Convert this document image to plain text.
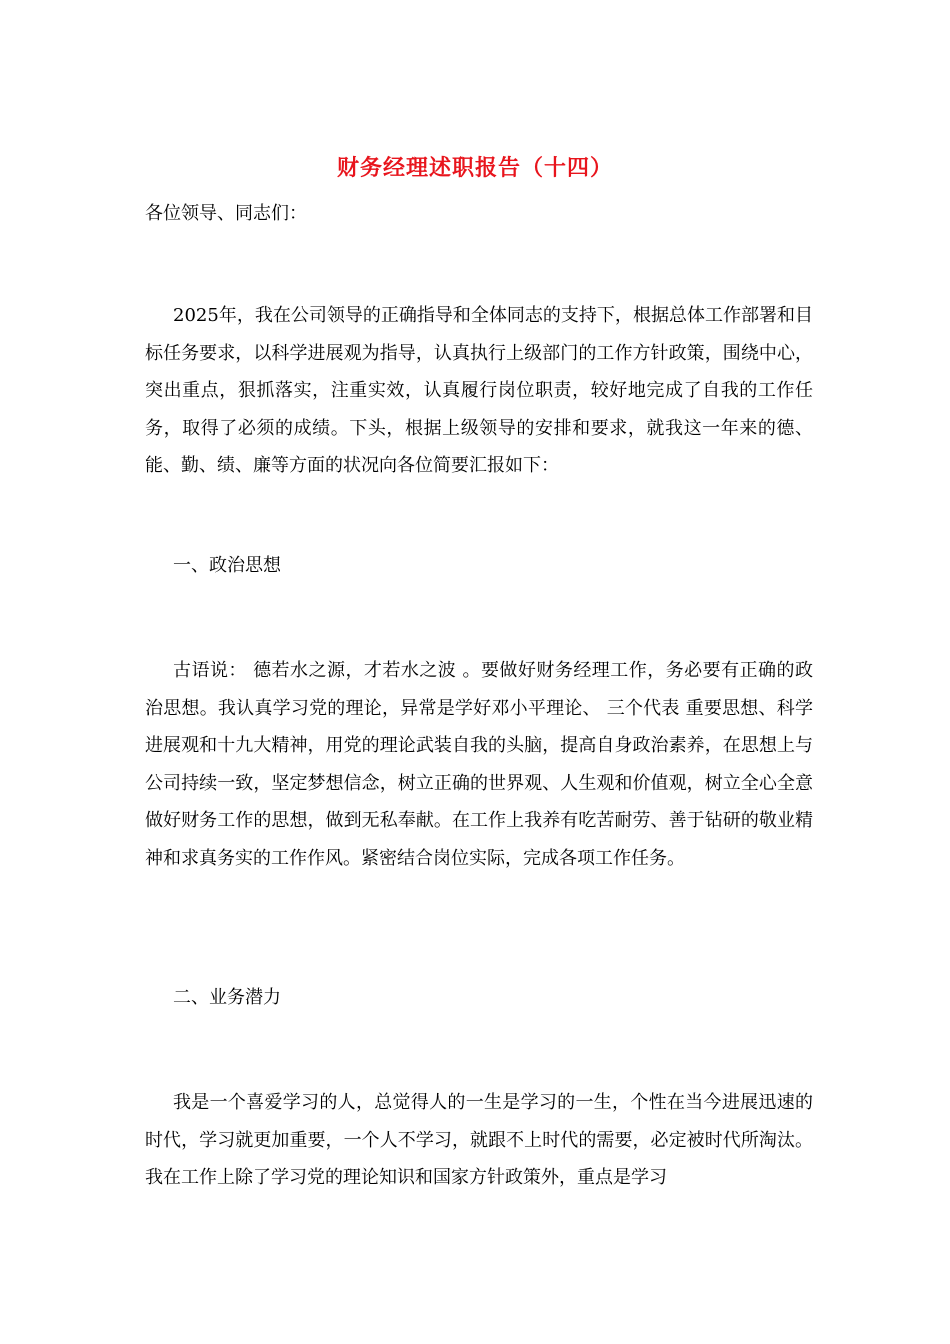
财务经理述职报告（十四）
各位领导、同志们：

2025年，我在公司领导的正确指导和全体同志的支持下，根据总体工作部署和目标任务要求，以科学进展观为指导，认真执行上级部门的工作方针政策，围绕中心，突出重点，狠抓落实，注重实效，认真履行岗位职责，较好地完成了自我的工作任务，取得了必须的成绩。下头，根据上级领导的安排和要求，就我这一年来的德、能、勤、绩、廉等方面的状况向各位简要汇报如下：

一、政治思想

古语说： 德若水之源，才若水之波 。要做好财务经理工作，务必要有正确的政治思想。我认真学习党的理论，异常是学好邓小平理论、 三个代表 重要思想、科学进展观和十九大精神，用党的理论武装自我的头脑，提高自身政治素养，在思想上与公司持续一致，坚定梦想信念，树立正确的世界观、人生观和价值观，树立全心全意做好财务工作的思想，做到无私奉献。在工作上我养有吃苦耐劳、善于钻研的敬业精神和求真务实的工作作风。紧密结合岗位实际，完成各项工作任务。

二、业务潜力

我是一个喜爱学习的人，总觉得人的一生是学习的一生，个性在当今进展迅速的时代，学习就更加重要，一个人不学习，就跟不上时代的需要，必定被时代所淘汰。我在工作上除了学习党的理论知识和国家方针政策外，重点是学习
